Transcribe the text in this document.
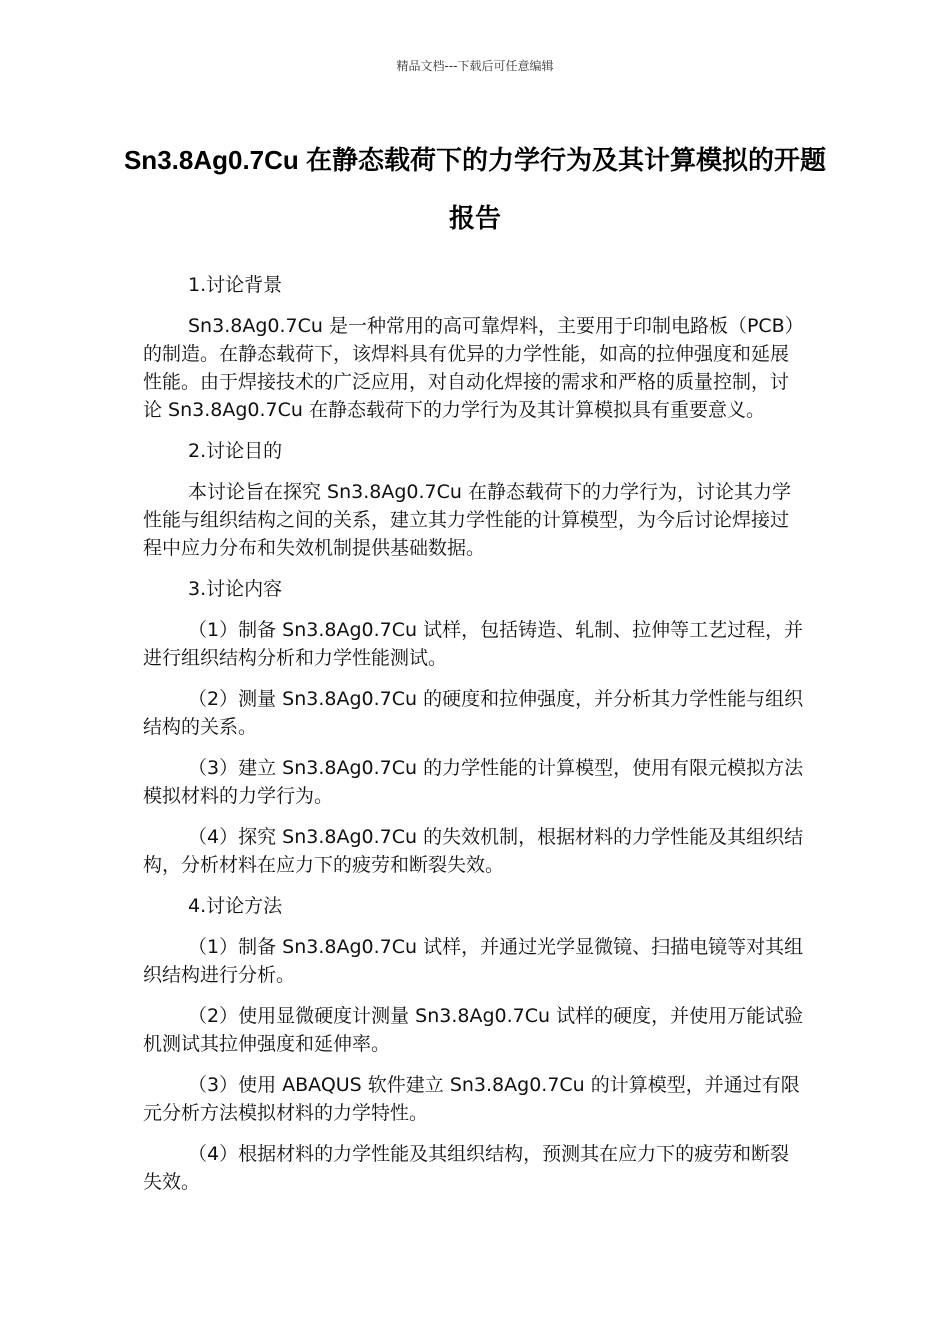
精品文档---下载后可任意编辑
Sn3.8Ag0.7Cu 在静态载荷下的力学行为及其计算模拟的开题报告

1.讨论背景

Sn3.8Ag0.7Cu 是一种常用的高可靠焊料，主要用于印制电路板（PCB）的制造。在静态载荷下，该焊料具有优异的力学性能，如高的拉伸强度和延展性能。由于焊接技术的广泛应用，对自动化焊接的需求和严格的质量控制，讨论 Sn3.8Ag0.7Cu 在静态载荷下的力学行为及其计算模拟具有重要意义。

2.讨论目的

本讨论旨在探究 Sn3.8Ag0.7Cu 在静态载荷下的力学行为，讨论其力学性能与组织结构之间的关系，建立其力学性能的计算模型，为今后讨论焊接过程中应力分布和失效机制提供基础数据。

3.讨论内容

（1）制备 Sn3.8Ag0.7Cu 试样，包括铸造、轧制、拉伸等工艺过程，并进行组织结构分析和力学性能测试。

（2）测量 Sn3.8Ag0.7Cu 的硬度和拉伸强度，并分析其力学性能与组织结构的关系。

（3）建立 Sn3.8Ag0.7Cu 的力学性能的计算模型，使用有限元模拟方法模拟材料的力学行为。

（4）探究 Sn3.8Ag0.7Cu 的失效机制，根据材料的力学性能及其组织结构，分析材料在应力下的疲劳和断裂失效。

4.讨论方法

（1）制备 Sn3.8Ag0.7Cu 试样，并通过光学显微镜、扫描电镜等对其组织结构进行分析。

（2）使用显微硬度计测量 Sn3.8Ag0.7Cu 试样的硬度，并使用万能试验机测试其拉伸强度和延伸率。

（3）使用 ABAQUS 软件建立 Sn3.8Ag0.7Cu 的计算模型，并通过有限元分析方法模拟材料的力学特性。

（4）根据材料的力学性能及其组织结构，预测其在应力下的疲劳和断裂失效。
